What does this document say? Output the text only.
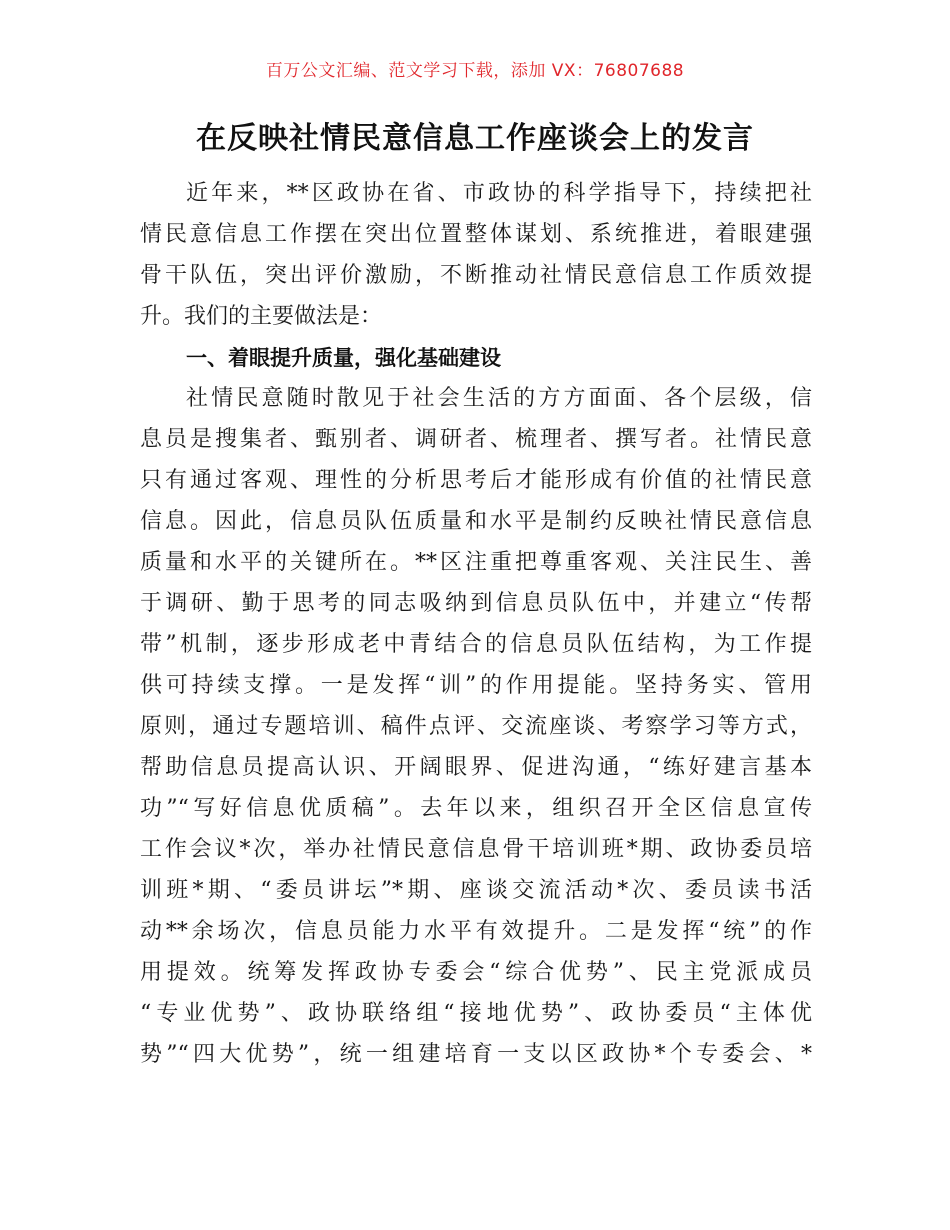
百万公文汇编、范文学习下载，添加 VX：76807688
在反映社情民意信息工作座谈会上的发言
近年来，**区政协在省、市政协的科学指导下，持续把社
情民意信息工作摆在突出位置整体谋划、系统推进，着眼建强
骨干队伍，突出评价激励，不断推动社情民意信息工作质效提
升。我们的主要做法是：
一、着眼提升质量，强化基础建设
社情民意随时散见于社会生活的方方面面、各个层级，信
息员是搜集者、甄别者、调研者、梳理者、撰写者。社情民意
只有通过客观、理性的分析思考后才能形成有价值的社情民意
信息。因此，信息员队伍质量和水平是制约反映社情民意信息
质量和水平的关键所在。**区注重把尊重客观、关注民生、善
于调研、勤于思考的同志吸纳到信息员队伍中，并建立“传帮
带”机制，逐步形成老中青结合的信息员队伍结构，为工作提
供可持续支撑。一是发挥“训”的作用提能。坚持务实、管用
原则，通过专题培训、稿件点评、交流座谈、考察学习等方式，
帮助信息员提高认识、开阔眼界、促进沟通，“练好建言基本
功”“写好信息优质稿”。去年以来，组织召开全区信息宣传
工作会议*次，举办社情民意信息骨干培训班*期、政协委员培
训班*期、“委员讲坛”*期、座谈交流活动*次、委员读书活
动**余场次，信息员能力水平有效提升。二是发挥“统”的作
用提效。统筹发挥政协专委会“综合优势”、民主党派成员
“专业优势”、政协联络组“接地优势”、政协委员“主体优
势”“四大优势”，统一组建培育一支以区政协*个专委会、*
